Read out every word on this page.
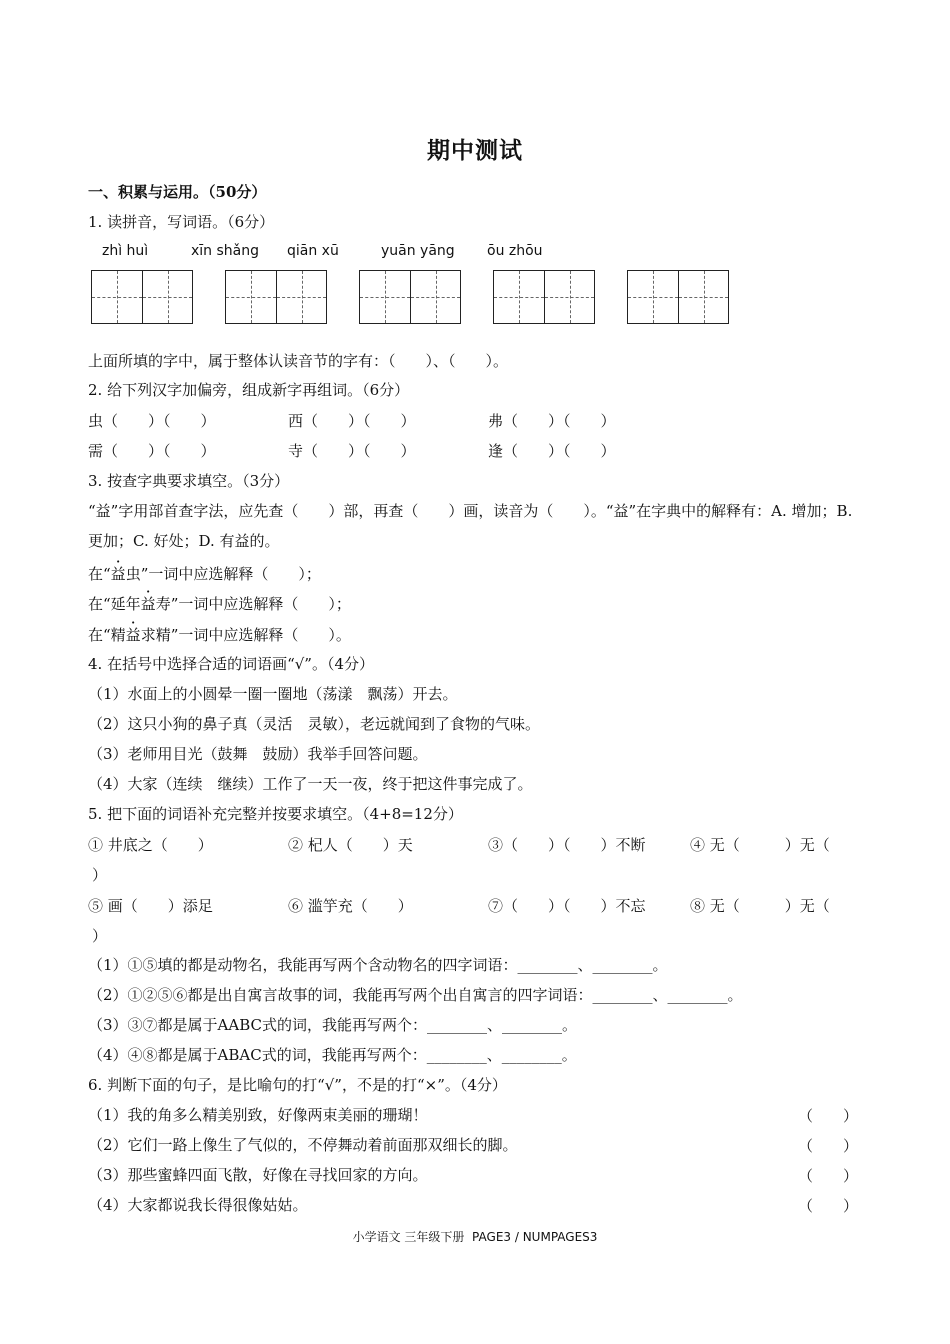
期中测试
一、积累与运用。（50分）
1. 读拼音，写词语。（6分）
zhì huì	xīn shǎng qiān xū	yuān yāng ōu zhōu
上面所填的字中，属于整体认读音节的字有：（　　）、（　　）。
2. 给下列汉字加偏旁，组成新字再组词。（6分）
虫（　　）（　　）	西（　　）（　　）	弗（　　）（　　）
需（　　）（　　）	寺（　　）（　　）	逢（　　）（　　）
3. 按查字典要求填空。（3分）
“益”字用部首查字法，应先查（　　）部，再查（　　）画，读音为（　　）。“益”在字典中的解释有：A. 增加；B. 更加；C. 好处；D. 有益的。
在“益虫”一词中应选解释（　　）；
在“延年益寿”一词中应选解释（　　）；
在“精益求精”一词中应选解释（　　）。
4. 在括号中选择合适的词语画“√”。（4分）
（1）水面上的小圆晕一圈一圈地（荡漾　飘荡）开去。
（2）这只小狗的鼻子真（灵活　灵敏），老远就闻到了食物的气味。
（3）老师用目光（鼓舞　鼓励）我举手回答问题。
（4）大家（连续　继续）工作了一天一夜，终于把这件事完成了。
5. 把下面的词语补充完整并按要求填空。（4+8=12分）
① 井底之（　　）	② 杞人（　　）天	③（　　）（　　）不断	④ 无（　　　）无（
）
⑤ 画（　　）添足	⑥ 滥竽充（　　）	⑦（　　）（　　）不忘	⑧ 无（　　　）无（
）
（1）①⑤填的都是动物名，我能再写两个含动物名的四字词语：________、________。
（2）①②⑤⑥都是出自寓言故事的词，我能再写两个出自寓言的四字词语：________、________。
（3）③⑦都是属于AABC式的词，我能再写两个：________、________。
（4）④⑧都是属于ABAC式的词，我能再写两个：________、________。
6. 判断下面的句子，是比喻句的打“√”，不是的打“×”。（4分）
（1）我的角多么精美别致，好像两束美丽的珊瑚！	（　　）
（2）它们一路上像生了气似的，不停舞动着前面那双细长的脚。	（　　）
（3）那些蜜蜂四面飞散，好像在寻找回家的方向。	（　　）
（4）大家都说我长得很像姑姑。	（　　）
小学语文 三年级下册 PAGE3 / NUMPAGES3
